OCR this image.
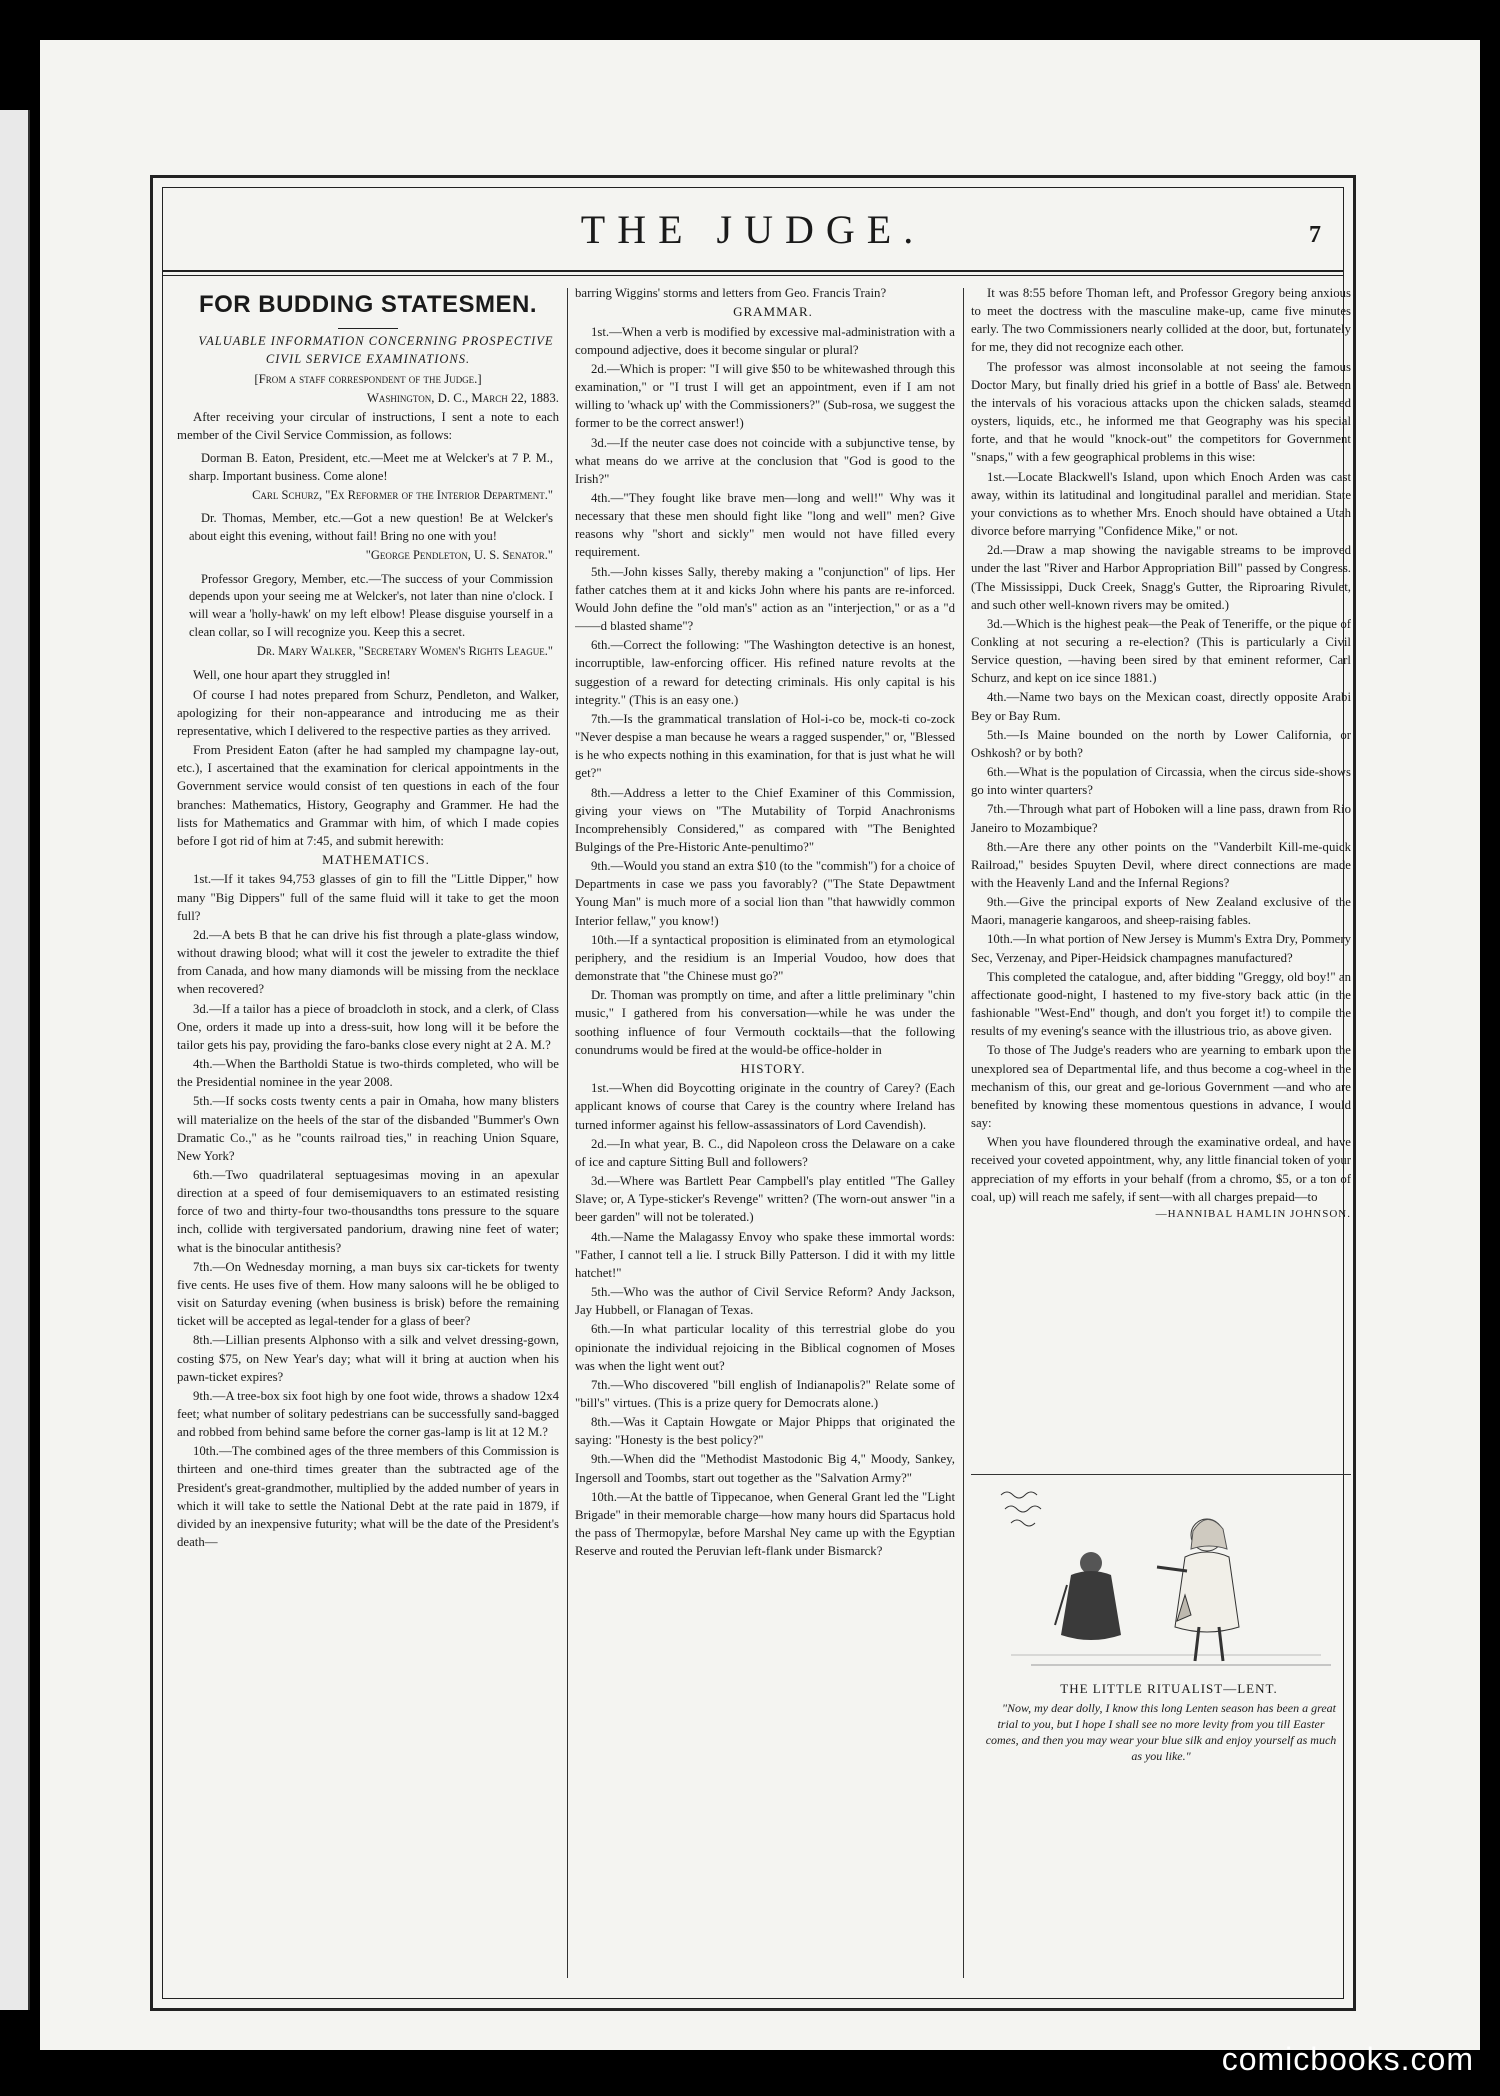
THE JUDGE.	7
FOR BUDDING STATESMEN.

VALUABLE INFORMATION CONCERNING PROSPECTIVE CIVIL SERVICE EXAMINATIONS.

[From a staff correspondent of the Judge.]

Washington, D. C., March 22, 1883.

After receiving your circular of instructions, I sent a note to each member of the Civil Service Commission, as follows:

Dorman B. Eaton, President, etc.—Meet me at Welcker's at 7 P. M., sharp. Important business. Come alone!

Carl Schurz, "Ex Reformer of the Interior Department."

Dr. Thomas, Member, etc.—Got a new question! Be at Welcker's about eight this evening, without fail! Bring no one with you!

"George Pendleton, U. S. Senator."

Professor Gregory, Member, etc.—The success of your Commission depends upon your seeing me at Welcker's, not later than nine o'clock. I will wear a 'holly-hawk' on my left elbow! Please disguise yourself in a clean collar, so I will recognize you. Keep this a secret.

Dr. Mary Walker, "Secretary Women's Rights League."

Well, one hour apart they struggled in!

Of course I had notes prepared from Schurz, Pendleton, and Walker, apologizing for their non-appearance and introducing me as their representative, which I delivered to the respective parties as they arrived.

From President Eaton (after he had sampled my champagne lay-out, etc.), I ascertained that the examination for clerical appointments in the Government service would consist of ten questions in each of the four branches: Mathematics, History, Geography and Grammer. He had the lists for Mathematics and Grammar with him, of which I made copies before I got rid of him at 7:45, and submit herewith:

MATHEMATICS.

1st.—If it takes 94,753 glasses of gin to fill the "Little Dipper," how many "Big Dippers" full of the same fluid will it take to get the moon full?

2d.—A bets B that he can drive his fist through a plate-glass window, without drawing blood; what will it cost the jeweler to extradite the thief from Canada, and how many diamonds will be missing from the necklace when recovered?

3d.—If a tailor has a piece of broadcloth in stock, and a clerk, of Class One, orders it made up into a dress-suit, how long will it be before the tailor gets his pay, providing the faro-banks close every night at 2 A. M.?

4th.—When the Bartholdi Statue is two-thirds completed, who will be the Presidential nominee in the year 2008.

5th.—If socks costs twenty cents a pair in Omaha, how many blisters will materialize on the heels of the star of the disbanded "Bummer's Own Dramatic Co.," as he "counts railroad ties," in reaching Union Square, New York?

6th.—Two quadrilateral septuagesimas moving in an apexular direction at a speed of four demisemiquavers to an estimated resisting force of two and thirty-four two-thousandths tons pressure to the square inch, collide with tergiversated pandorium, drawing nine feet of water; what is the binocular antithesis?

7th.—On Wednesday morning, a man buys six car-tickets for twenty five cents. He uses five of them. How many saloons will he be obliged to visit on Saturday evening (when business is brisk) before the remaining ticket will be accepted as legal-tender for a glass of beer?

8th.—Lillian presents Alphonso with a silk and velvet dressing-gown, costing $75, on New Year's day; what will it bring at auction when his pawn-ticket expires?

9th.—A tree-box six foot high by one foot wide, throws a shadow 12x4 feet; what number of solitary pedestrians can be successfully sand-bagged and robbed from behind same before the corner gas-lamp is lit at 12 M.?

10th.—The combined ages of the three members of this Commission is thirteen and one-third times greater than the subtracted age of the President's great-grandmother, multiplied by the added number of years in which it will take to settle the National Debt at the rate paid in 1879, if divided by an inexpensive futurity; what will be the date of the President's death—

barring Wiggins' storms and letters from Geo. Francis Train?

GRAMMAR.

1st.—When a verb is modified by excessive mal-administration with a compound adjective, does it become singular or plural?

2d.—Which is proper: "I will give $50 to be whitewashed through this examination," or "I trust I will get an appointment, even if I am not willing to 'whack up' with the Commissioners?" (Sub-rosa, we suggest the former to be the correct answer!)

3d.—If the neuter case does not coincide with a subjunctive tense, by what means do we arrive at the conclusion that "God is good to the Irish?"

4th.—"They fought like brave men—long and well!" Why was it necessary that these men should fight like "long and well" men? Give reasons why "short and sickly" men would not have filled every requirement.

5th.—John kisses Sally, thereby making a "conjunction" of lips. Her father catches them at it and kicks John where his pants are re-inforced. Would John define the "old man's" action as an "interjection," or as a "d——d blasted shame"?

6th.—Correct the following: "The Washington detective is an honest, incorruptible, law-enforcing officer. His refined nature revolts at the suggestion of a reward for detecting criminals. His only capital is his integrity." (This is an easy one.)

7th.—Is the grammatical translation of Hol-i-co be, mock-ti co-zock "Never despise a man because he wears a ragged suspender," or, "Blessed is he who expects nothing in this examination, for that is just what he will get?"

8th.—Address a letter to the Chief Examiner of this Commission, giving your views on "The Mutability of Torpid Anachronisms Incomprehensibly Considered," as compared with "The Benighted Bulgings of the Pre-Historic Ante-penultimo?"

9th.—Would you stand an extra $10 (to the "commish") for a choice of Departments in case we pass you favorably? ("The State Depawtment Young Man" is much more of a social lion than "that hawwidly common Interior fellaw," you know!)

10th.—If a syntactical proposition is eliminated from an etymological periphery, and the residium is an Imperial Voudoo, how does that demonstrate that "the Chinese must go?"

Dr. Thoman was promptly on time, and after a little preliminary "chin music," I gathered from his conversation—while he was under the soothing influence of four Vermouth cocktails—that the following conundrums would be fired at the would-be office-holder in

HISTORY.

1st.—When did Boycotting originate in the country of Carey? (Each applicant knows of course that Carey is the country where Ireland has turned informer against his fellow-assassinators of Lord Cavendish).

2d.—In what year, B. C., did Napoleon cross the Delaware on a cake of ice and capture Sitting Bull and followers?

3d.—Where was Bartlett Pear Campbell's play entitled "The Galley Slave; or, A Type-sticker's Revenge" written? (The worn-out answer "in a beer garden" will not be tolerated.)

4th.—Name the Malagassy Envoy who spake these immortal words: "Father, I cannot tell a lie. I struck Billy Patterson. I did it with my little hatchet!"

5th.—Who was the author of Civil Service Reform? Andy Jackson, Jay Hubbell, or Flanagan of Texas.

6th.—In what particular locality of this terrestrial globe do you opinionate the individual rejoicing in the Biblical cognomen of Moses was when the light went out?

7th.—Who discovered "bill english of Indianapolis?" Relate some of "bill's" virtues. (This is a prize query for Democrats alone.)

8th.—Was it Captain Howgate or Major Phipps that originated the saying: "Honesty is the best policy?"

9th.—When did the "Methodist Mastodonic Big 4," Moody, Sankey, Ingersoll and Toombs, start out together as the "Salvation Army?"

10th.—At the battle of Tippecanoe, when General Grant led the "Light Brigade" in their memorable charge—how many hours did Spartacus hold the pass of Thermopylæ, before Marshal Ney came up with the Egyptian Reserve and routed the Peruvian left-flank under Bismarck?

It was 8:55 before Thoman left, and Professor Gregory being anxious to meet the doctress with the masculine make-up, came five minutes early. The two Commissioners nearly collided at the door, but, fortunately for me, they did not recognize each other.

The professor was almost inconsolable at not seeing the famous Doctor Mary, but finally dried his grief in a bottle of Bass' ale. Between the intervals of his voracious attacks upon the chicken salads, steamed oysters, liquids, etc., he informed me that Geography was his special forte, and that he would "knock-out" the competitors for Government "snaps," with a few geographical problems in this wise:

1st.—Locate Blackwell's Island, upon which Enoch Arden was cast away, within its latitudinal and longitudinal parallel and meridian. State your convictions as to whether Mrs. Enoch should have obtained a Utah divorce before marrying "Confidence Mike," or not.

2d.—Draw a map showing the navigable streams to be improved under the last "River and Harbor Appropriation Bill" passed by Congress. (The Mississippi, Duck Creek, Snagg's Gutter, the Riproaring Rivulet, and such other well-known rivers may be omited.)

3d.—Which is the highest peak—the Peak of Teneriffe, or the pique of Conkling at not securing a re-election? (This is particularly a Civil Service question, —having been sired by that eminent reformer, Carl Schurz, and kept on ice since 1881.)

4th.—Name two bays on the Mexican coast, directly opposite Arabi Bey or Bay Rum.

5th.—Is Maine bounded on the north by Lower California, or Oshkosh? or by both?

6th.—What is the population of Circassia, when the circus side-shows go into winter quarters?

7th.—Through what part of Hoboken will a line pass, drawn from Rio Janeiro to Mozambique?

8th.—Are there any other points on the "Vanderbilt Kill-me-quick Railroad," besides Spuyten Devil, where direct connections are made with the Heavenly Land and the Infernal Regions?

9th.—Give the principal exports of New Zealand exclusive of the Maori, managerie kangaroos, and sheep-raising fables.

10th.—In what portion of New Jersey is Mumm's Extra Dry, Pommery Sec, Verzenay, and Piper-Heidsick champagnes manufactured?

This completed the catalogue, and, after bidding "Greggy, old boy!" an affectionate good-night, I hastened to my five-story back attic (in the fashionable "West-End" though, and don't you forget it!) to compile the results of my evening's seance with the illustrious trio, as above given.

To those of The Judge's readers who are yearning to embark upon the unexplored sea of Departmental life, and thus become a cog-wheel in the mechanism of this, our great and ge-lorious Government —and who are benefited by knowing these momentous questions in advance, I would say:

When you have floundered through the examinative ordeal, and have received your coveted appointment, why, any little financial token of your appreciation of my efforts in your behalf (from a chromo, $5, or a ton of coal, up) will reach me safely, if sent—with all charges prepaid—to

—HANNIBAL HAMLIN JOHNSON.

THE LITTLE RITUALIST—LENT.

"Now, my dear dolly, I know this long Lenten season has been a great trial to you, but I hope I shall see no more levity from you till Easter comes, and then you may wear your blue silk and enjoy yourself as much as you like."

comicbooks.com
